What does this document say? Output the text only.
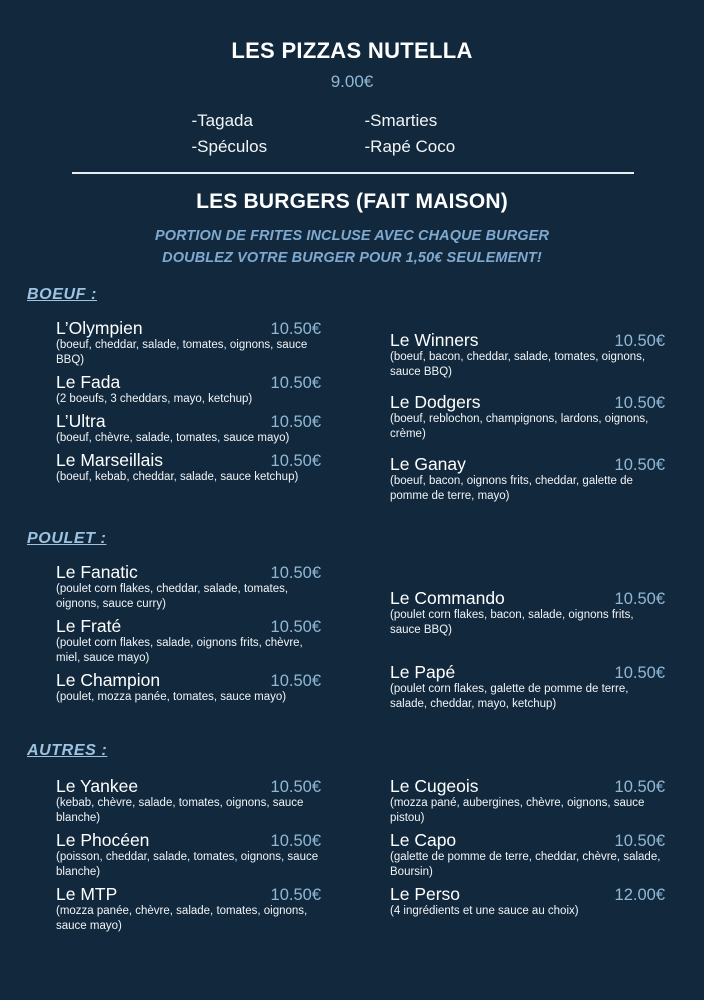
LES PIZZAS NUTELLA
9.00€
-Tagada
-Spéculos
-Smarties
-Rapé Coco
LES BURGERS (FAIT MAISON)
PORTION DE FRITES INCLUSE AVEC CHAQUE BURGER
DOUBLEZ VOTRE BURGER POUR 1,50€ SEULEMENT!
BOEUF :
L’Olympien	10.50€
(boeuf, cheddar, salade, tomates, oignons, sauce BBQ)
Le Fada	10.50€
(2 boeufs, 3 cheddars, mayo, ketchup)
L’Ultra	10.50€
(boeuf, chèvre, salade, tomates, sauce mayo)
Le Marseillais	10.50€
(boeuf, kebab, cheddar, salade, sauce ketchup)
Le Winners	10.50€
(boeuf, bacon, cheddar, salade, tomates, oignons, sauce BBQ)
Le Dodgers	10.50€
(boeuf, reblochon, champignons, lardons, oignons, crème)
Le Ganay	10.50€
(boeuf, bacon, oignons frits, cheddar, galette de pomme de terre, mayo)
POULET :
Le Fanatic	10.50€
(poulet corn flakes, cheddar, salade, tomates, oignons, sauce curry)
Le Fraté	10.50€
(poulet corn flakes, salade, oignons frits, chèvre, miel, sauce mayo)
Le Champion	10.50€
(poulet, mozza panée, tomates, sauce mayo)
Le Commando	10.50€
(poulet corn flakes, bacon, salade, oignons frits, sauce BBQ)
Le Papé	10.50€
(poulet corn flakes, galette de pomme de terre, salade, cheddar, mayo, ketchup)
AUTRES :
Le Yankee	10.50€
(kebab, chèvre, salade, tomates, oignons, sauce blanche)
Le Phocéen	10.50€
(poisson, cheddar, salade, tomates, oignons, sauce blanche)
Le MTP	10.50€
(mozza panée, chèvre, salade, tomates, oignons, sauce mayo)
Le Cugeois	10.50€
(mozza pané, aubergines, chèvre, oignons, sauce pistou)
Le Capo	10.50€
(galette de pomme de terre, cheddar, chèvre, salade, Boursin)
Le Perso	12.00€
(4 ingrédients et une sauce au choix)
